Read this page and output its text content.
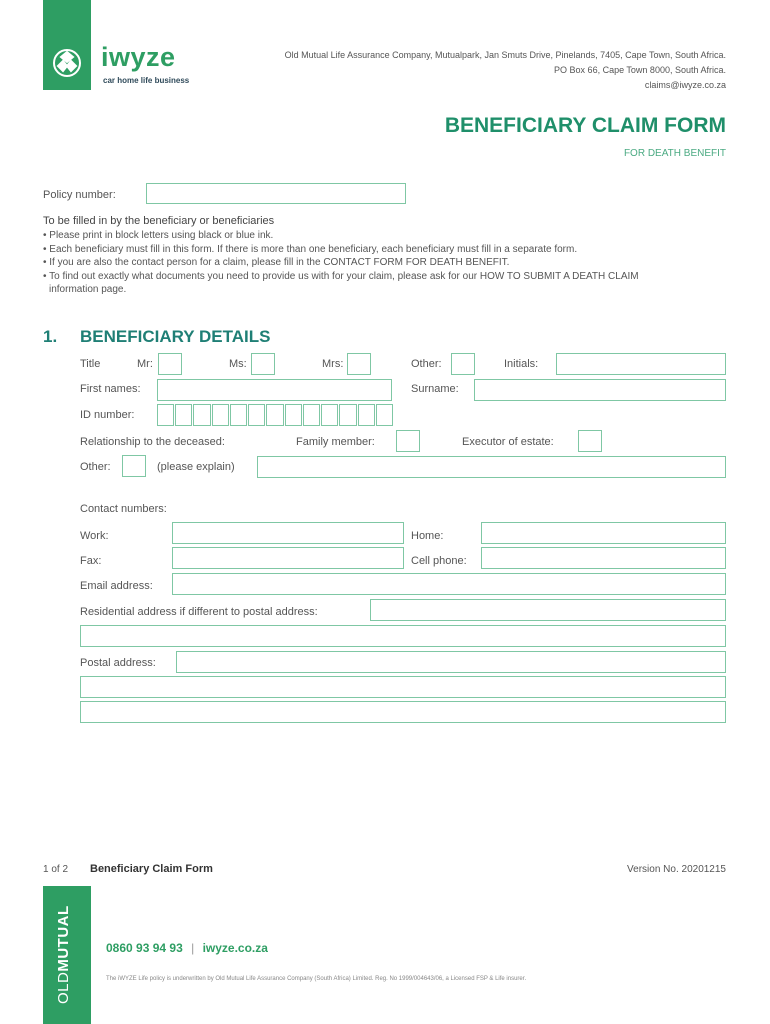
iwyze
car home life business
Old Mutual Life Assurance Company, Mutualpark, Jan Smuts Drive, Pinelands, 7405, Cape Town, South Africa.
PO Box 66, Cape Town 8000, South Africa.
claims@iwyze.co.za
BENEFICIARY CLAIM FORM
FOR DEATH BENEFIT
Policy number:
To be filled in by the beneficiary or beneficiaries
• Please print in block letters using black or blue ink.
• Each beneficiary must fill in this form. If there is more than one beneficiary, each beneficiary must fill in a separate form.
• If you are also the contact person for a claim, please fill in the CONTACT FORM FOR DEATH BENEFIT.
• To find out exactly what documents you need to provide us with for your claim, please ask for our HOW TO SUBMIT A DEATH CLAIM
information page.
1. BENEFICIARY DETAILS
Title	Mr:	Ms:	Mrs:	Other:	Initials:
First names:	Surname:
ID number:
Relationship to the deceased:	Family member:	Executor of estate:
Other:	(please explain)
Contact numbers:
Work:	Home:
Fax:	Cell phone:
Email address:
Residential address if different to postal address:
Postal address:
1 of 2 Beneficiary Claim Form	Version No. 20201215
OLDMUTUAL	0860 93 94 93 | iwyze.co.za
The iWYZE Life policy is underwritten by Old Mutual Life Assurance Company (South Africa) Limited. Reg. No 1999/004643/06, a Licensed FSP & Life insurer.
